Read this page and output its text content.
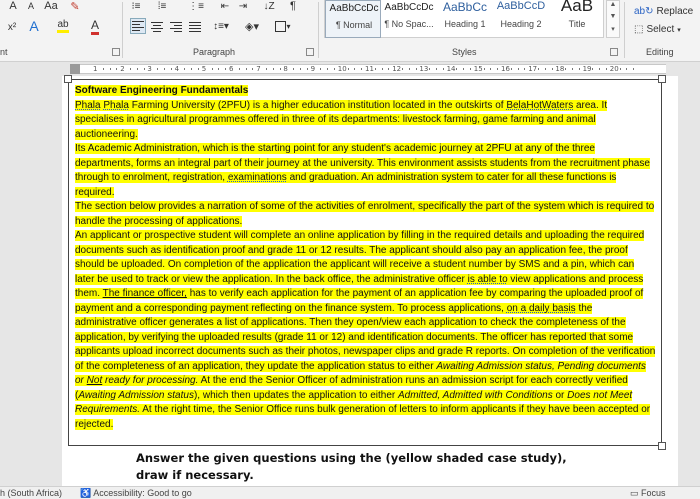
A	A Aa ✎
x² A	ab A
nt
⁝≡	⁞≡	⋮≡ ⇤ ⇥ ↓Z	¶
↕≡▾ ◈▾	▾
Paragraph
AaBbCcDc
¶ Normal
AaBbCcDc
¶ No Spac...
AaBbCc
Heading 1
AaBbCcD
Heading 2
AaB
Title
▲
▼
▾
Styles
ab↻ Replace
⬚ Select ▾
Editing
1	2	3	4	5	6	7	8	9	10	11	12	13	14	15	16	17	18	19	20
Software Engineering Fundamentals
Phala Phala Farming University (2PFU) is a higher education institution located in the outskirts of BelaHotWaters area. It specialises in agricultural programmes offered in three of its departments: livestock farming, game farming and animal auctioneering.
Its Academic Administration, which is the starting point for any student's academic journey at 2PFU at any of the three departments, forms an integral part of their journey at the university. This environment assists students from the recruitment phase through to enrolment, registration, examinations and graduation. An administration system to cater for all these functions is required.
The section below provides a narration of some of the activities of enrolment, specifically the part of the system which is required to handle the processing of applications.
An applicant or prospective student will complete an online application by filling in the required details and uploading the required documents such as identification proof and grade 11 or 12 results. The applicant should also pay an application fee, the proof should be uploaded. On completion of the application the applicant will receive a student number by SMS and a pin, which can later be used to track or view the application. In the back office, the administrative officer is able to view applications and process them. The finance officer, has to verify each application for the payment of an application fee by comparing the uploaded proof of payment and a corresponding payment reflecting on the finance system. To process applications, on a daily basis the administrative officer generates a list of applications. Then they open/view each application to check the completeness of the application, by verifying the uploaded results (grade 11 or 12) and identification documents. The officer has reported that some applicants upload incorrect documents such as their photos, newspaper clips and grade R reports. On completion of the verification of the completeness of an application, they update the application status to either Awaiting Admission status, Pending documents or Not ready for processing. At the end the Senior Officer of administration runs an admission script for each correctly verified (Awaiting Admission status), which then updates the application to either Admitted, Admitted with Conditions or Does not Meet Requirements. At the right time, the Senior Office runs bulk generation of letters to inform applicants if they have been accepted or rejected.
Answer the given questions using the (yellow shaded case study), draw if necessary.
h (South Africa) ♿ Accessibility: Good to go	▭ Focus
